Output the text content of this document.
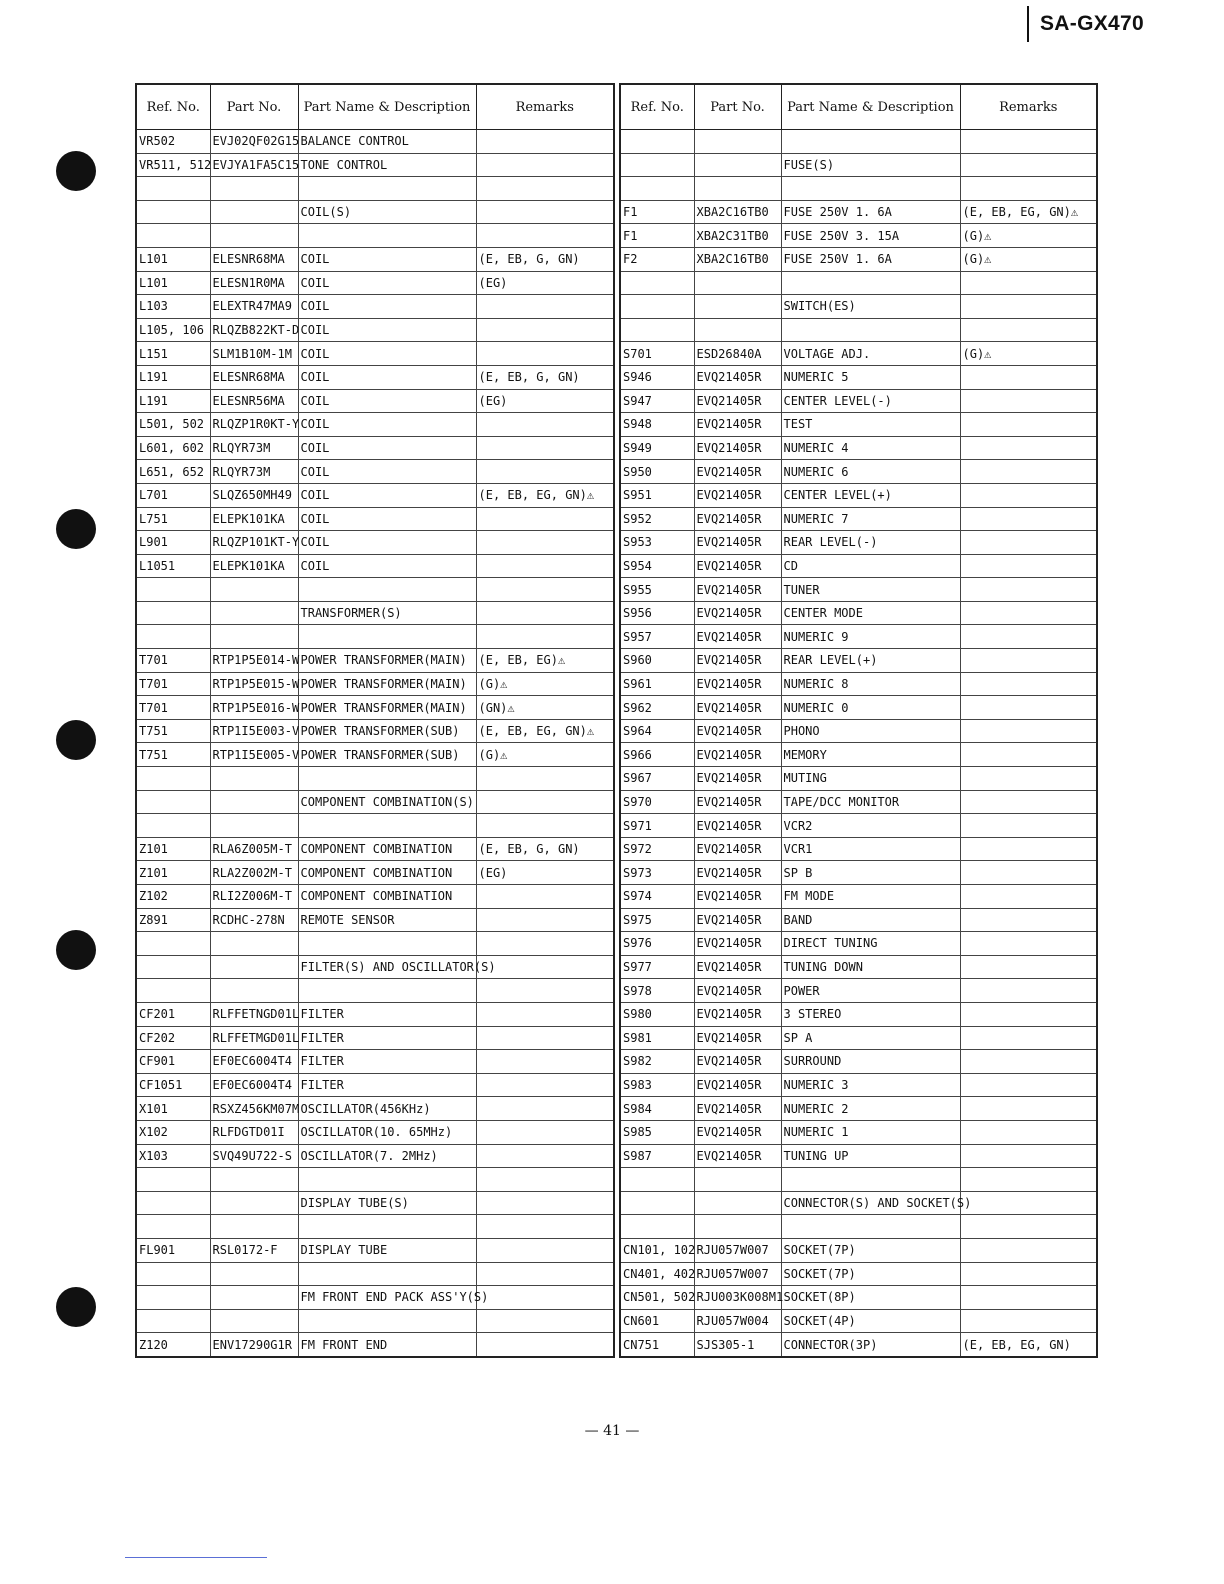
SA-GX470
Ref. No.	Part No.	Part Name & Description	Remarks
VR502	EVJ02QF02G15	BALANCE CONTROL	
VR511, 512	EVJYA1FA5C15	TONE CONTROL	

		COIL(S)	

L101	ELESNR68MA	COIL	(E, EB, G, GN)
L101	ELESN1R0MA	COIL	(EG)
L103	ELEXTR47MA9	COIL	
L105, 106	RLQZB822KT-D	COIL	
L151	SLM1B10M-1M	COIL	
L191	ELESNR68MA	COIL	(E, EB, G, GN)
L191	ELESNR56MA	COIL	(EG)
L501, 502	RLQZP1R0KT-Y	COIL	
L601, 602	RLQYR73M	COIL	
L651, 652	RLQYR73M	COIL	
L701	SLQZ650MH49	COIL	(E, EB, EG, GN)⚠
L751	ELEPK101KA	COIL	
L901	RLQZP101KT-Y	COIL	
L1051	ELEPK101KA	COIL	

		TRANSFORMER(S)	

T701	RTP1P5E014-W	POWER TRANSFORMER(MAIN)	(E, EB, EG)⚠
T701	RTP1P5E015-W	POWER TRANSFORMER(MAIN)	(G)⚠
T701	RTP1P5E016-W	POWER TRANSFORMER(MAIN)	(GN)⚠
T751	RTP1I5E003-V	POWER TRANSFORMER(SUB)	(E, EB, EG, GN)⚠
T751	RTP1I5E005-V	POWER TRANSFORMER(SUB)	(G)⚠

		COMPONENT COMBINATION(S)	

Z101	RLA6Z005M-T	COMPONENT COMBINATION	(E, EB, G, GN)
Z101	RLA2Z002M-T	COMPONENT COMBINATION	(EG)
Z102	RLI2Z006M-T	COMPONENT COMBINATION	
Z891	RCDHC-278N	REMOTE SENSOR	

		FILTER(S) AND OSCILLATOR(S)	

CF201	RLFFETNGD01L	FILTER	
CF202	RLFFETMGD01L	FILTER	
CF901	EF0EC6004T4	FILTER	
CF1051	EF0EC6004T4	FILTER	
X101	RSXZ456KM07M	OSCILLATOR(456KHz)	
X102	RLFDGTD01I	OSCILLATOR(10. 65MHz)	
X103	SVQ49U722-S	OSCILLATOR(7. 2MHz)	

		DISPLAY TUBE(S)	

FL901	RSL0172-F	DISPLAY TUBE	

		FM FRONT END PACK ASS'Y(S)	

Z120	ENV17290G1R	FM FRONT END	
Ref. No.	Part No.	Part Name & Description	Remarks

		FUSE(S)	

F1	XBA2C16TB0	FUSE 250V 1. 6A	(E, EB, EG, GN)⚠
F1	XBA2C31TB0	FUSE 250V 3. 15A	(G)⚠
F2	XBA2C16TB0	FUSE 250V 1. 6A	(G)⚠

		SWITCH(ES)	

S701	ESD26840A	VOLTAGE ADJ.	(G)⚠
S946	EVQ21405R	NUMERIC 5	
S947	EVQ21405R	CENTER LEVEL(-)	
S948	EVQ21405R	TEST	
S949	EVQ21405R	NUMERIC 4	
S950	EVQ21405R	NUMERIC 6	
S951	EVQ21405R	CENTER LEVEL(+)	
S952	EVQ21405R	NUMERIC 7	
S953	EVQ21405R	REAR LEVEL(-)	
S954	EVQ21405R	CD	
S955	EVQ21405R	TUNER	
S956	EVQ21405R	CENTER MODE	
S957	EVQ21405R	NUMERIC 9	
S960	EVQ21405R	REAR LEVEL(+)	
S961	EVQ21405R	NUMERIC 8	
S962	EVQ21405R	NUMERIC 0	
S964	EVQ21405R	PHONO	
S966	EVQ21405R	MEMORY	
S967	EVQ21405R	MUTING	
S970	EVQ21405R	TAPE/DCC MONITOR	
S971	EVQ21405R	VCR2	
S972	EVQ21405R	VCR1	
S973	EVQ21405R	SP B	
S974	EVQ21405R	FM MODE	
S975	EVQ21405R	BAND	
S976	EVQ21405R	DIRECT TUNING	
S977	EVQ21405R	TUNING DOWN	
S978	EVQ21405R	POWER	
S980	EVQ21405R	3 STEREO	
S981	EVQ21405R	SP A	
S982	EVQ21405R	SURROUND	
S983	EVQ21405R	NUMERIC 3	
S984	EVQ21405R	NUMERIC 2	
S985	EVQ21405R	NUMERIC 1	
S987	EVQ21405R	TUNING UP	

		CONNECTOR(S) AND SOCKET(S)	

CN101, 102	RJU057W007	SOCKET(7P)	
CN401, 402	RJU057W007	SOCKET(7P)	
CN501, 502	RJU003K008M1	SOCKET(8P)	
CN601	RJU057W004	SOCKET(4P)	
CN751	SJS305-1	CONNECTOR(3P)	(E, EB, EG, GN)
— 41 —
